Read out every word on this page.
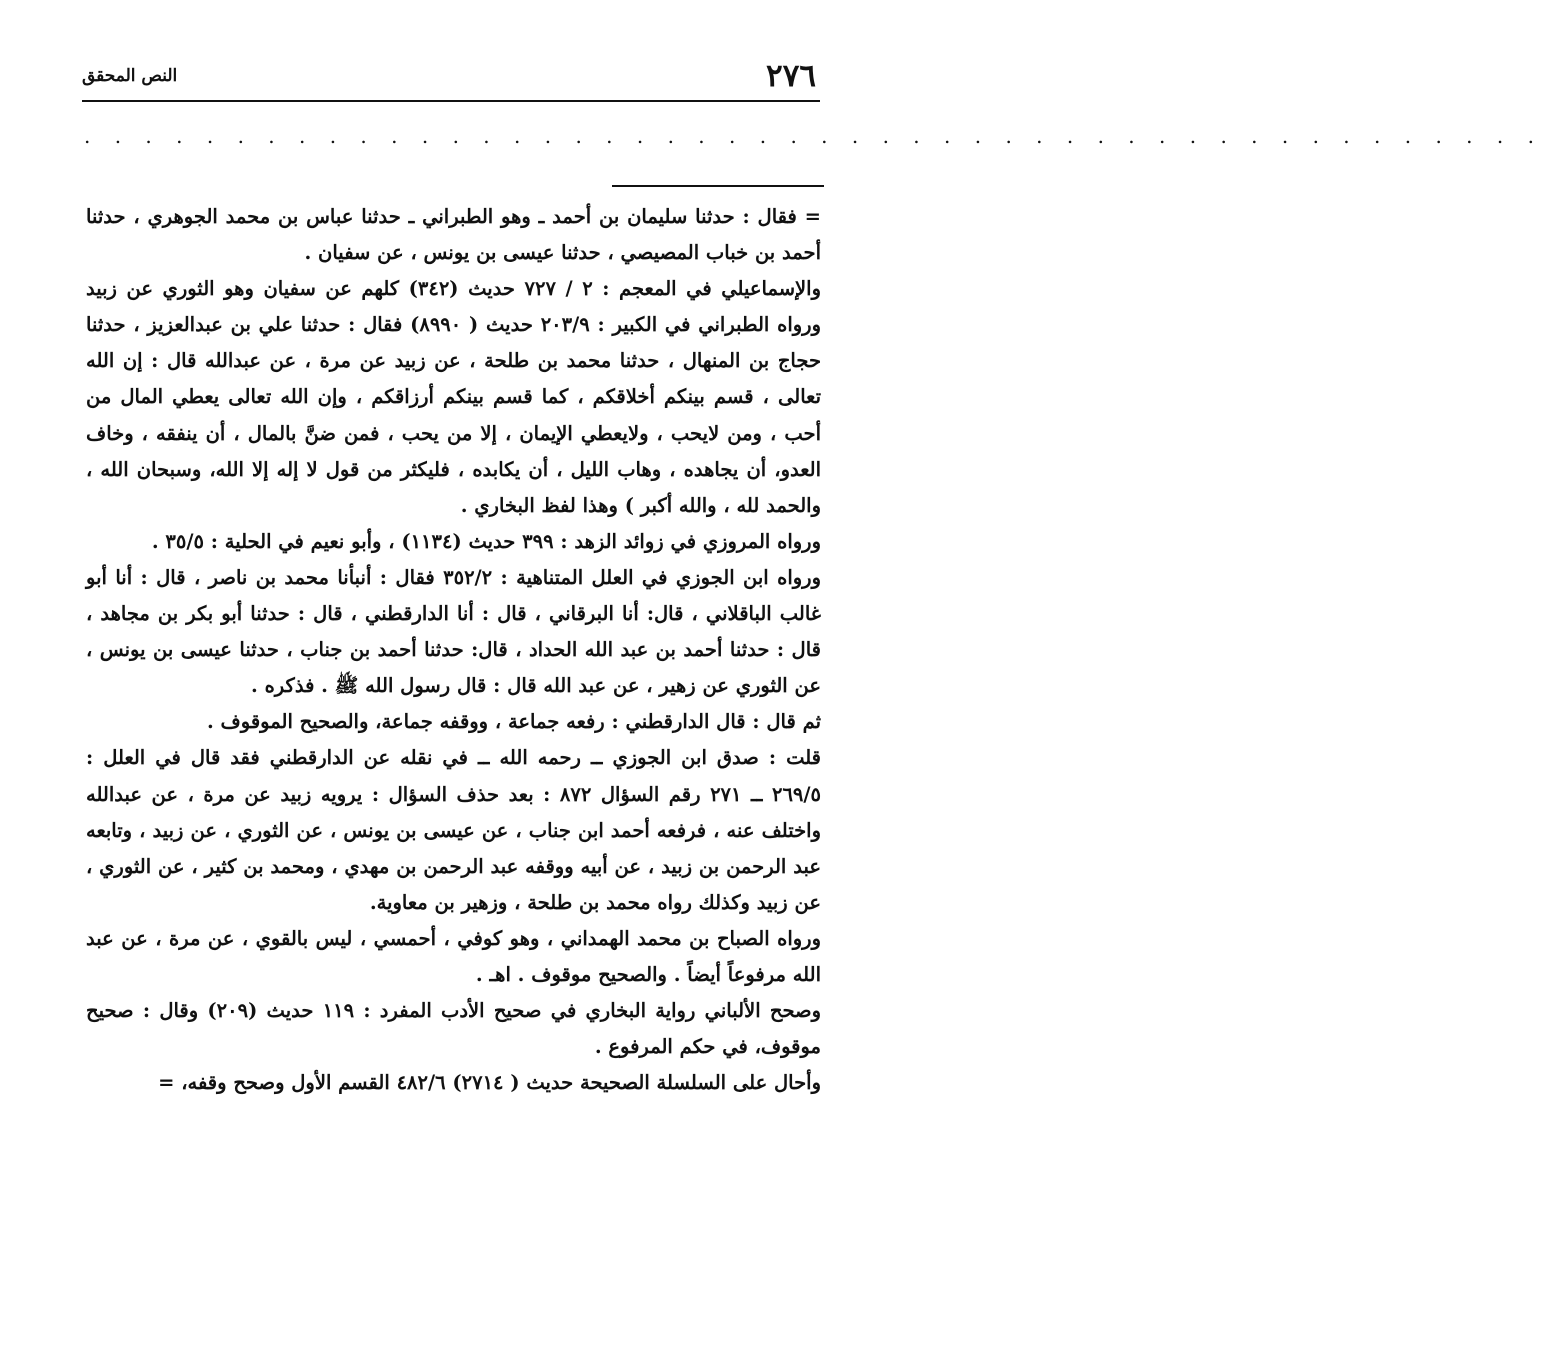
٢٧٦
النص المحقق
. . . . . . . . . . . . . . . . . . . . . . . . . . . . . . . . . . . . . . . . . . . . . . . .

= فقال : حدثنا سليمان بن أحمد ـ وهو الطبراني ـ حدثنا عباس بن محمد الجوهري ، حدثنا أحمد بن خباب المصيصي ، حدثنا عيسى بن يونس ، عن سفيان .

والإسماعيلي في المعجم : ٢ / ٧٢٧ حديث (٣٤٢) كلهم عن سفيان وهو الثوري عن زبيد ورواه الطبراني في الكبير : ٢٠٣/٩ حديث ( ٨٩٩٠) فقال : حدثنا علي بن عبدالعزيز ، حدثنا حجاج بن المنهال ، حدثنا محمد بن طلحة ، عن زبيد عن مرة ، عن عبدالله قال : إن الله تعالى ، قسم بينكم أخلاقكم ، كما قسم بينكم أرزاقكم ، وإن الله تعالى يعطي المال من أحب ، ومن لايحب ، ولايعطي الإيمان ، إلا من يحب ، فمن ضنَّ بالمال ، أن ينفقه ، وخاف العدو، أن يجاهده ، وهاب الليل ، أن يكابده ، فليكثر من قول لا إله إلا الله، وسبحان الله ، والحمد لله ، والله أكبر ) وهذا لفظ البخاري .

ورواه المروزي في زوائد الزهد : ٣٩٩ حديث (١١٣٤) ، وأبو نعيم في الحلية : ٣٥/٥ .

ورواه ابن الجوزي في العلل المتناهية : ٣٥٢/٢ فقال : أنبأنا محمد بن ناصر ، قال : أنا أبو غالب الباقلاني ، قال: أنا البرقاني ، قال : أنا الدارقطني ، قال : حدثنا أبو بكر بن مجاهد ، قال : حدثنا أحمد بن عبد الله الحداد ، قال: حدثنا أحمد بن جناب ، حدثنا عيسى بن يونس ، عن الثوري عن زهير ، عن عبد الله قال : قال رسول الله ﷺ . فذكره .

ثم قال : قال الدارقطني : رفعه جماعة ، ووقفه جماعة، والصحيح الموقوف .

قلت : صدق ابن الجوزي ــ رحمه الله ــ في نقله عن الدارقطني فقد قال في العلل : ٢٦٩/٥ ــ ٢٧١ رقم السؤال ٨٧٢ : بعد حذف السؤال : يرويه زبيد عن مرة ، عن عبدالله واختلف عنه ، فرفعه أحمد ابن جناب ، عن عيسى بن يونس ، عن الثوري ، عن زبيد ، وتابعه عبد الرحمن بن زبيد ، عن أبيه ووقفه عبد الرحمن بن مهدي ، ومحمد بن كثير ، عن الثوري ، عن زبيد وكذلك رواه محمد بن طلحة ، وزهير بن معاوية.

ورواه الصباح بن محمد الهمداني ، وهو كوفي ، أحمسي ، ليس بالقوي ، عن مرة ، عن عبد الله مرفوعاً أيضاً . والصحيح موقوف . اهـ .

وصحح الألباني رواية البخاري في صحيح الأدب المفرد : ١١٩ حديث (٢٠٩) وقال : صحيح موقوف، في حكم المرفوع .

وأحال على السلسلة الصحيحة حديث ( ٢٧١٤) ٤٨٢/٦ القسم الأول وصحح وقفه، =
